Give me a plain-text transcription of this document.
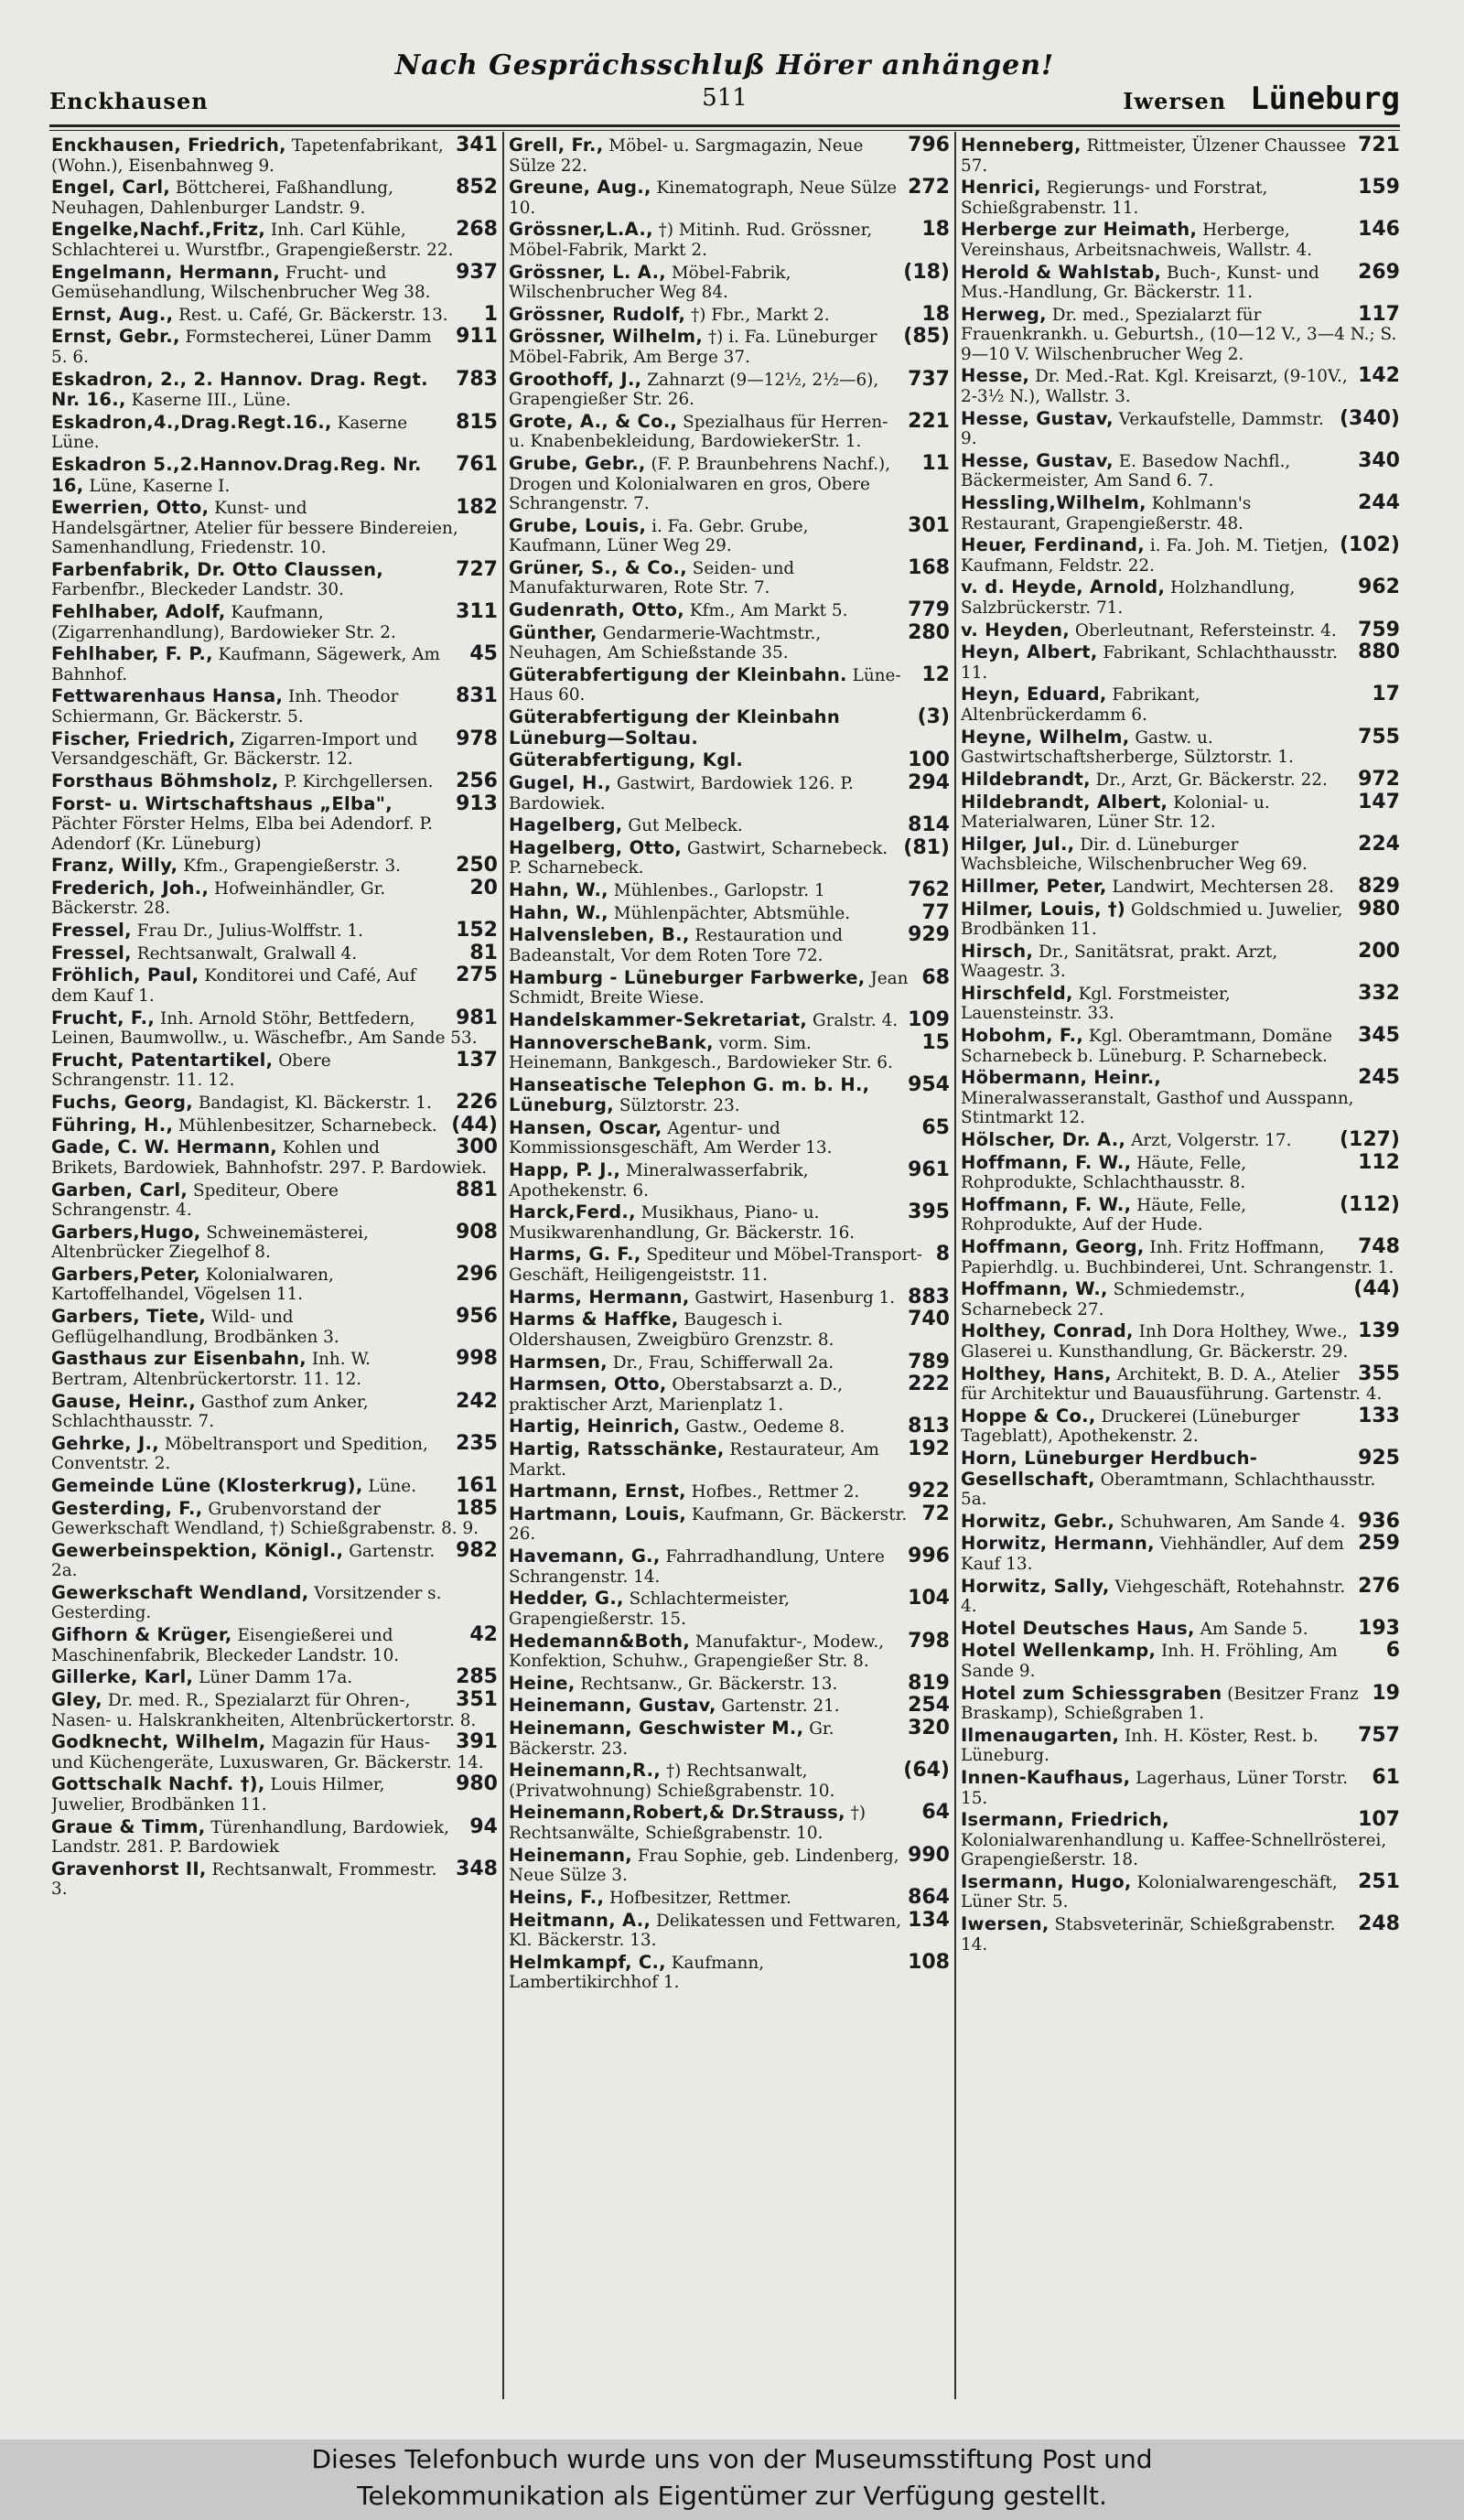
Nach Gesprächsschluß Hörer anhängen!
Enckhausen	511	Iwersen Lüneburg
341
Enckhausen, Friedrich, Tapetenfabrikant, (Wohn.), Eisenbahnweg 9.
852
Engel, Carl, Böttcherei, Faßhandlung, Neuhagen, Dahlenburger Landstr. 9.
268
Engelke,Nachf.,Fritz, Inh. Carl Kühle, Schlachterei u. Wurstfbr., Grapengießerstr. 22.
937
Engelmann, Hermann, Frucht- und Gemüsehandlung, Wilschenbrucher Weg 38.
1
Ernst, Aug., Rest. u. Café, Gr. Bäckerstr. 13.
911
Ernst, Gebr., Formstecherei, Lüner Damm 5. 6.
783
Eskadron, 2., 2. Hannov. Drag. Regt. Nr. 16., Kaserne III., Lüne.
815
Eskadron,4.,Drag.Regt.16., Kaserne Lüne.
761
Eskadron 5.,2.Hannov.Drag.Reg. Nr. 16, Lüne, Kaserne I.
182
Ewerrien, Otto, Kunst- und Handelsgärtner, Atelier für bessere Bindereien, Samenhandlung, Friedenstr. 10.
727
Farbenfabrik, Dr. Otto Claussen, Farbenfbr., Bleckeder Landstr. 30.
311
Fehlhaber, Adolf, Kaufmann, (Zigarrenhandlung), Bardowieker Str. 2.
45
Fehlhaber, F. P., Kaufmann, Sägewerk, Am Bahnhof.
831
Fettwarenhaus Hansa, Inh. Theodor Schiermann, Gr. Bäckerstr. 5.
978
Fischer, Friedrich, Zigarren-Import und Versandgeschäft, Gr. Bäckerstr. 12.
256
Forsthaus Böhmsholz, P. Kirchgellersen.
913
Forst- u. Wirtschaftshaus „Elba", Pächter Förster Helms, Elba bei Adendorf. P. Adendorf (Kr. Lüneburg)
250
Franz, Willy, Kfm., Grapengießerstr. 3.
20
Frederich, Joh., Hofweinhändler, Gr. Bäckerstr. 28.
152
Fressel, Frau Dr., Julius-Wolffstr. 1.
81
Fressel, Rechtsanwalt, Gralwall 4.
275
Fröhlich, Paul, Konditorei und Café, Auf dem Kauf 1.
981
Frucht, F., Inh. Arnold Stöhr, Bettfedern, Leinen, Baumwollw., u. Wäschefbr., Am Sande 53.
137
Frucht, Patentartikel, Obere Schrangenstr. 11. 12.
226
Fuchs, Georg, Bandagist, Kl. Bäckerstr. 1.
(44)
Führing, H., Mühlenbesitzer, Scharnebeck.
300
Gade, C. W. Hermann, Kohlen und Brikets, Bardowiek, Bahnhofstr. 297. P. Bardowiek.
881
Garben, Carl, Spediteur, Obere Schrangenstr. 4.
908
Garbers,Hugo, Schweinemästerei, Altenbrücker Ziegelhof 8.
296
Garbers,Peter, Kolonialwaren, Kartoffelhandel, Vögelsen 11.
956
Garbers, Tiete, Wild- und Geflügelhandlung, Brodbänken 3.
998
Gasthaus zur Eisenbahn, Inh. W. Bertram, Altenbrückertorstr. 11. 12.
242
Gause, Heinr., Gasthof zum Anker, Schlachthausstr. 7.
235
Gehrke, J., Möbeltransport und Spedition, Conventstr. 2.
161
Gemeinde Lüne (Klosterkrug), Lüne.
185
Gesterding, F., Grubenvorstand der Gewerkschaft Wendland, †) Schießgrabenstr. 8. 9.
982
Gewerbeinspektion, Königl., Gartenstr. 2a.
Gewerkschaft Wendland, Vorsitzender s. Gesterding.
42
Gifhorn & Krüger, Eisengießerei und Maschinenfabrik, Bleckeder Landstr. 10.
285
Gillerke, Karl, Lüner Damm 17a.
351
Gley, Dr. med. R., Spezialarzt für Ohren-, Nasen- u. Halskrankheiten, Altenbrückertorstr. 8.
391
Godknecht, Wilhelm, Magazin für Haus- und Küchengeräte, Luxuswaren, Gr. Bäckerstr. 14.
980
Gottschalk Nachf. †), Louis Hilmer, Juwelier, Brodbänken 11.
94
Graue & Timm, Türenhandlung, Bardowiek, Landstr. 281. P. Bardowiek
348
Gravenhorst II, Rechtsanwalt, Frommestr. 3.
796
Grell, Fr., Möbel- u. Sargmagazin, Neue Sülze 22.
272
Greune, Aug., Kinematograph, Neue Sülze 10.
18
Grössner,L.A., †) Mitinh. Rud. Grössner, Möbel-Fabrik, Markt 2.
(18)
Grössner, L. A., Möbel-Fabrik, Wilschenbrucher Weg 84.
18
Grössner, Rudolf, †) Fbr., Markt 2.
(85)
Grössner, Wilhelm, †) i. Fa. Lüneburger Möbel-Fabrik, Am Berge 37.
737
Groothoff, J., Zahnarzt (9—12½, 2½—6), Grapengießer Str. 26.
221
Grote, A., & Co., Spezialhaus für Herren- u. Knabenbekleidung, BardowiekerStr. 1.
11
Grube, Gebr., (F. P. Braunbehrens Nachf.), Drogen und Kolonialwaren en gros, Obere Schrangenstr. 7.
301
Grube, Louis, i. Fa. Gebr. Grube, Kaufmann, Lüner Weg 29.
168
Grüner, S., & Co., Seiden- und Manufakturwaren, Rote Str. 7.
779
Gudenrath, Otto, Kfm., Am Markt 5.
280
Günther, Gendarmerie-Wachtmstr., Neuhagen, Am Schießstande 35.
12
Güterabfertigung der Kleinbahn. Lüne-Haus 60.
(3)
Güterabfertigung der Kleinbahn Lüneburg—Soltau.
100
Güterabfertigung, Kgl.
294
Gugel, H., Gastwirt, Bardowiek 126. P. Bardowiek.
814
Hagelberg, Gut Melbeck.
(81)
Hagelberg, Otto, Gastwirt, Scharnebeck. P. Scharnebeck.
762
Hahn, W., Mühlenbes., Garlopstr. 1
77
Hahn, W., Mühlenpächter, Abtsmühle.
929
Halvensleben, B., Restauration und Badeanstalt, Vor dem Roten Tore 72.
68
Hamburg - Lüneburger Farbwerke, Jean Schmidt, Breite Wiese.
109
Handelskammer-Sekretariat, Gralstr. 4.
15
HannoverscheBank, vorm. Sim. Heinemann, Bankgesch., Bardowieker Str. 6.
954
Hanseatische Telephon G. m. b. H., Lüneburg, Sülztorstr. 23.
65
Hansen, Oscar, Agentur- und Kommissionsgeschäft, Am Werder 13.
961
Happ, P. J., Mineralwasserfabrik, Apothekenstr. 6.
395
Harck,Ferd., Musikhaus, Piano- u. Musikwarenhandlung, Gr. Bäckerstr. 16.
8
Harms, G. F., Spediteur und Möbel-Transport-Geschäft, Heiligengeiststr. 11.
883
Harms, Hermann, Gastwirt, Hasenburg 1.
740
Harms & Haffke, Baugesch i. Oldershausen, Zweigbüro Grenzstr. 8.
789
Harmsen, Dr., Frau, Schifferwall 2a.
222
Harmsen, Otto, Oberstabsarzt a. D., praktischer Arzt, Marienplatz 1.
813
Hartig, Heinrich, Gastw., Oedeme 8.
192
Hartig, Ratsschänke, Restaurateur, Am Markt.
922
Hartmann, Ernst, Hofbes., Rettmer 2.
72
Hartmann, Louis, Kaufmann, Gr. Bäckerstr. 26.
996
Havemann, G., Fahrradhandlung, Untere Schrangenstr. 14.
104
Hedder, G., Schlachtermeister, Grapengießerstr. 15.
798
Hedemann&Both, Manufaktur-, Modew., Konfektion, Schuhw., Grapengießer Str. 8.
819
Heine, Rechtsanw., Gr. Bäckerstr. 13.
254
Heinemann, Gustav, Gartenstr. 21.
320
Heinemann, Geschwister M., Gr. Bäckerstr. 23.
(64)
Heinemann,R., †) Rechtsanwalt, (Privatwohnung) Schießgrabenstr. 10.
64
Heinemann,Robert,& Dr.Strauss, †) Rechtsanwälte, Schießgrabenstr. 10.
990
Heinemann, Frau Sophie, geb. Lindenberg, Neue Sülze 3.
864
Heins, F., Hofbesitzer, Rettmer.
134
Heitmann, A., Delikatessen und Fettwaren, Kl. Bäckerstr. 13.
108
Helmkampf, C., Kaufmann, Lambertikirchhof 1.
721
Henneberg, Rittmeister, Ülzener Chaussee 57.
159
Henrici, Regierungs- und Forstrat, Schießgrabenstr. 11.
146
Herberge zur Heimath, Herberge, Vereinshaus, Arbeitsnachweis, Wallstr. 4.
269
Herold & Wahlstab, Buch-, Kunst- und Mus.-Handlung, Gr. Bäckerstr. 11.
117
Herweg, Dr. med., Spezialarzt für Frauenkrankh. u. Geburtsh., (10—12 V., 3—4 N.; S. 9—10 V. Wilschenbrucher Weg 2.
142
Hesse, Dr. Med.-Rat. Kgl. Kreisarzt, (9-10V., 2-3½ N.), Wallstr. 3.
(340)
Hesse, Gustav, Verkaufstelle, Dammstr. 9.
340
Hesse, Gustav, E. Basedow Nachfl., Bäckermeister, Am Sand 6. 7.
244
Hessling,Wilhelm, Kohlmann's Restaurant, Grapengießerstr. 48.
(102)
Heuer, Ferdinand, i. Fa. Joh. M. Tietjen, Kaufmann, Feldstr. 22.
962
v. d. Heyde, Arnold, Holzhandlung, Salzbrückerstr. 71.
759
v. Heyden, Oberleutnant, Refersteinstr. 4.
880
Heyn, Albert, Fabrikant, Schlachthausstr. 11.
17
Heyn, Eduard, Fabrikant, Altenbrückerdamm 6.
755
Heyne, Wilhelm, Gastw. u. Gastwirtschaftsherberge, Sülztorstr. 1.
972
Hildebrandt, Dr., Arzt, Gr. Bäckerstr. 22.
147
Hildebrandt, Albert, Kolonial- u. Materialwaren, Lüner Str. 12.
224
Hilger, Jul., Dir. d. Lüneburger Wachsbleiche, Wilschenbrucher Weg 69.
829
Hillmer, Peter, Landwirt, Mechtersen 28.
980
Hilmer, Louis, †) Goldschmied u. Juwelier, Brodbänken 11.
200
Hirsch, Dr., Sanitätsrat, prakt. Arzt, Waagestr. 3.
332
Hirschfeld, Kgl. Forstmeister, Lauensteinstr. 33.
345
Hobohm, F., Kgl. Oberamtmann, Domäne Scharnebeck b. Lüneburg. P. Scharnebeck.
245
Höbermann, Heinr., Mineralwasseranstalt, Gasthof und Ausspann, Stintmarkt 12.
(127)
Hölscher, Dr. A., Arzt, Volgerstr. 17.
112
Hoffmann, F. W., Häute, Felle, Rohprodukte, Schlachthausstr. 8.
(112)
Hoffmann, F. W., Häute, Felle, Rohprodukte, Auf der Hude.
748
Hoffmann, Georg, Inh. Fritz Hoffmann, Papierhdlg. u. Buchbinderei, Unt. Schrangenstr. 1.
(44)
Hoffmann, W., Schmiedemstr., Scharnebeck 27.
139
Holthey, Conrad, Inh Dora Holthey, Wwe., Glaserei u. Kunsthandlung, Gr. Bäckerstr. 29.
355
Holthey, Hans, Architekt, B. D. A., Atelier für Architektur und Bauausführung. Gartenstr. 4.
133
Hoppe & Co., Druckerei (Lüneburger Tageblatt), Apothekenstr. 2.
925
Horn, Lüneburger Herdbuch-Gesellschaft, Oberamtmann, Schlachthausstr. 5a.
936
Horwitz, Gebr., Schuhwaren, Am Sande 4.
259
Horwitz, Hermann, Viehhändler, Auf dem Kauf 13.
276
Horwitz, Sally, Viehgeschäft, Rotehahnstr. 4.
193
Hotel Deutsches Haus, Am Sande 5.
6
Hotel Wellenkamp, Inh. H. Fröhling, Am Sande 9.
19
Hotel zum Schiessgraben (Besitzer Franz Braskamp), Schießgraben 1.
757
Ilmenaugarten, Inh. H. Köster, Rest. b. Lüneburg.
61
Innen-Kaufhaus, Lagerhaus, Lüner Torstr. 15.
107
Isermann, Friedrich, Kolonialwarenhandlung u. Kaffee-Schnellrösterei, Grapengießerstr. 18.
251
Isermann, Hugo, Kolonialwarengeschäft, Lüner Str. 5.
248
Iwersen, Stabsveterinär, Schießgrabenstr. 14.
Dieses Telefonbuch wurde uns von der Museumsstiftung Post und
Telekommunikation als Eigentümer zur Verfügung gestellt.
